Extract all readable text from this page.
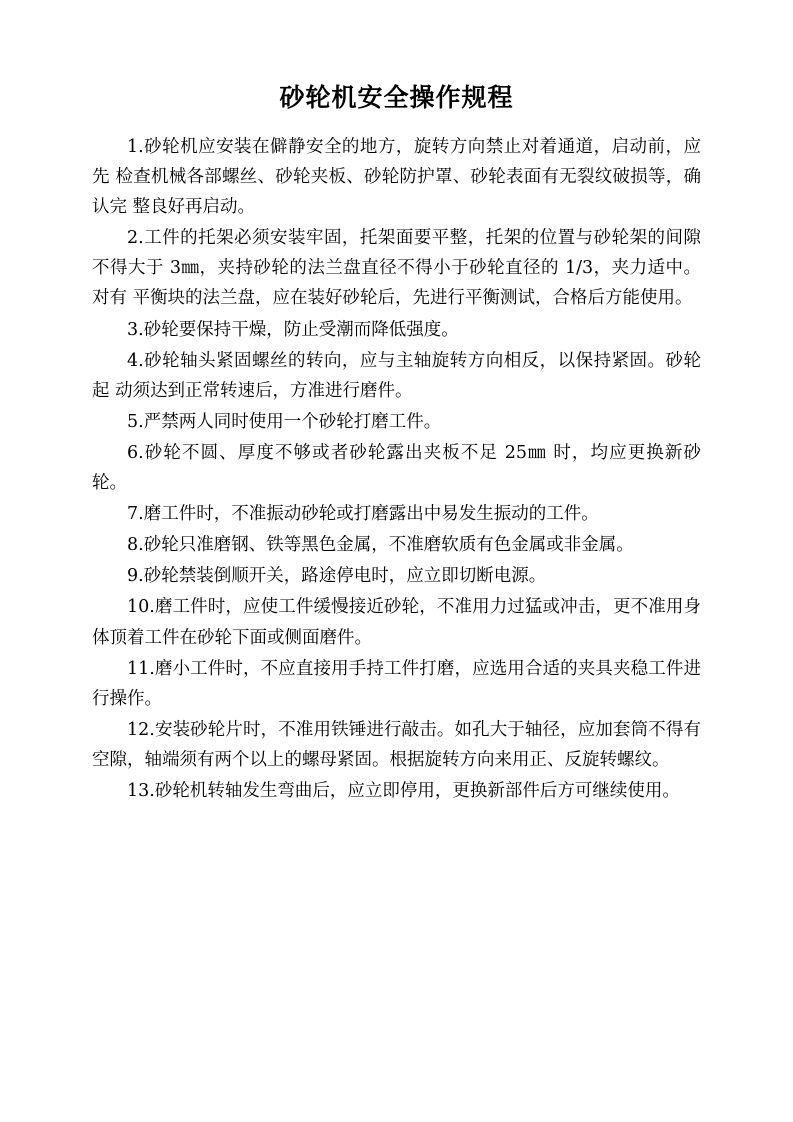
砂轮机安全操作规程

1.砂轮机应安装在僻静安全的地方，旋转方向禁止对着通道，启动前，应先 检查机械各部螺丝、砂轮夹板、砂轮防护罩、砂轮表面有无裂纹破损等，确认完 整良好再启动。

2.工件的托架必须安装牢固，托架面要平整，托架的位置与砂轮架的间隙不得大于 3㎜，夹持砂轮的法兰盘直径不得小于砂轮直径的 1/3，夹力适中。对有 平衡块的法兰盘，应在装好砂轮后，先进行平衡测试，合格后方能使用。

3.砂轮要保持干燥，防止受潮而降低强度。

4.砂轮轴头紧固螺丝的转向，应与主轴旋转方向相反，以保持紧固。砂轮起 动须达到正常转速后，方准进行磨件。

5.严禁两人同时使用一个砂轮打磨工件。

6.砂轮不圆、厚度不够或者砂轮露出夹板不足 25㎜ 时，均应更换新砂轮。

7.磨工件时，不准振动砂轮或打磨露出中易发生振动的工件。

8.砂轮只准磨钢、铁等黑色金属，不准磨软质有色金属或非金属。

9.砂轮禁装倒顺开关，路途停电时，应立即切断电源。

10.磨工件时，应使工件缓慢接近砂轮，不准用力过猛或冲击，更不准用身 体顶着工件在砂轮下面或侧面磨件。

11.磨小工件时，不应直接用手持工件打磨，应选用合适的夹具夹稳工件进 行操作。

12.安装砂轮片时，不准用铁锤进行敲击。如孔大于轴径，应加套筒不得有空隙，轴端须有两个以上的螺母紧固。根据旋转方向来用正、反旋转螺纹。

13.砂轮机转轴发生弯曲后，应立即停用，更换新部件后方可继续使用。
